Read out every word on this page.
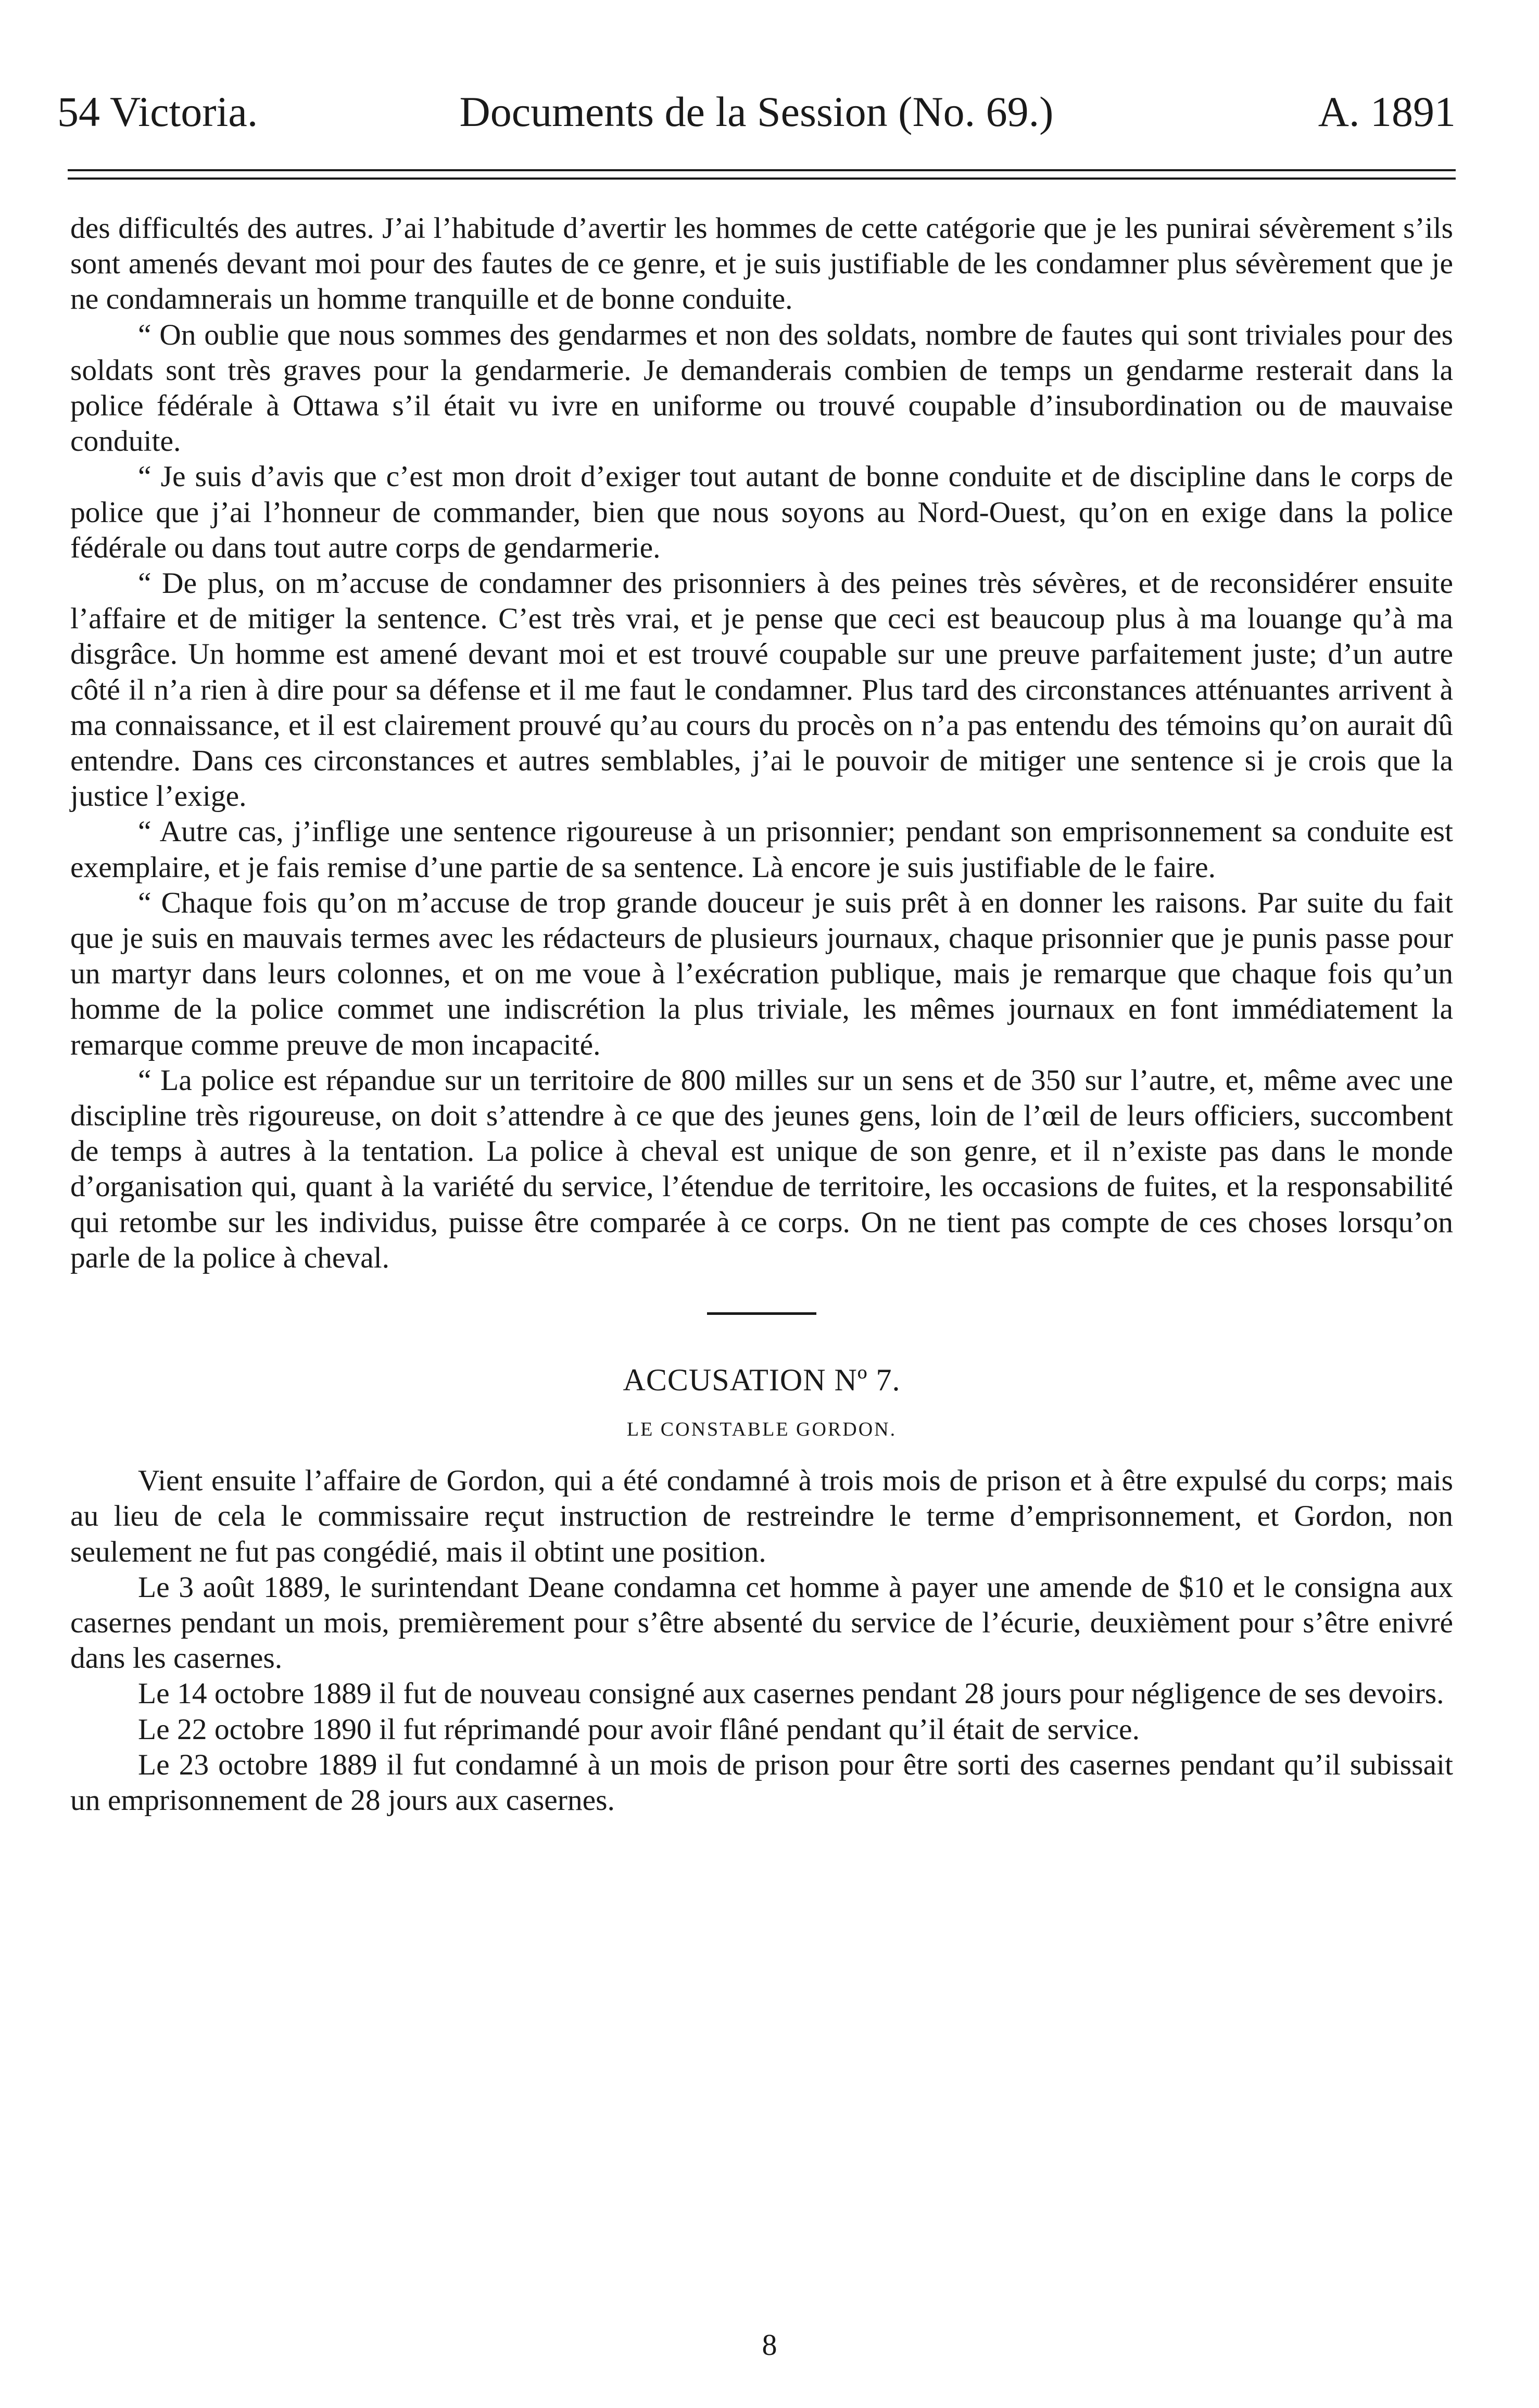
54 Victoria.	Documents de la Session (No. 69.)	A. 1891

des difficultés des autres. J’ai l’habitude d’avertir les hommes de cette catégorie que je les punirai sévèrement s’ils sont amenés devant moi pour des fautes de ce genre, et je suis justifiable de les condamner plus sévèrement que je ne condamnerais un homme tranquille et de bonne conduite.

“ On oublie que nous sommes des gendarmes et non des soldats, nombre de fautes qui sont triviales pour des soldats sont très graves pour la gendarmerie. Je demanderais combien de temps un gendarme resterait dans la police fédérale à Ottawa s’il était vu ivre en uniforme ou trouvé coupable d’insubordination ou de mauvaise conduite.

“ Je suis d’avis que c’est mon droit d’exiger tout autant de bonne conduite et de discipline dans le corps de police que j’ai l’honneur de commander, bien que nous soyons au Nord-Ouest, qu’on en exige dans la police fédérale ou dans tout autre corps de gendarmerie.

“ De plus, on m’accuse de condamner des prisonniers à des peines très sévères, et de reconsidérer ensuite l’affaire et de mitiger la sentence. C’est très vrai, et je pense que ceci est beaucoup plus à ma louange qu’à ma disgrâce. Un homme est amené devant moi et est trouvé coupable sur une preuve parfaitement juste; d’un autre côté il n’a rien à dire pour sa défense et il me faut le condamner. Plus tard des circonstances atténuantes arrivent à ma connaissance, et il est clairement prouvé qu’au cours du procès on n’a pas entendu des témoins qu’on aurait dû entendre. Dans ces circonstances et autres semblables, j’ai le pouvoir de mitiger une sentence si je crois que la justice l’exige.

“ Autre cas, j’inflige une sentence rigoureuse à un prisonnier; pendant son emprisonnement sa conduite est exemplaire, et je fais remise d’une partie de sa sentence. Là encore je suis justifiable de le faire.

“ Chaque fois qu’on m’accuse de trop grande douceur je suis prêt à en donner les raisons. Par suite du fait que je suis en mauvais termes avec les rédacteurs de plusieurs journaux, chaque prisonnier que je punis passe pour un martyr dans leurs colonnes, et on me voue à l’exécration publique, mais je remarque que chaque fois qu’un homme de la police commet une indiscrétion la plus triviale, les mêmes journaux en font immédiatement la remarque comme preuve de mon incapacité.

“ La police est répandue sur un territoire de 800 milles sur un sens et de 350 sur l’autre, et, même avec une discipline très rigoureuse, on doit s’attendre à ce que des jeunes gens, loin de l’œil de leurs officiers, succombent de temps à autres à la tentation. La police à cheval est unique de son genre, et il n’existe pas dans le monde d’organisation qui, quant à la variété du service, l’étendue de territoire, les occasions de fuites, et la responsabilité qui retombe sur les individus, puisse être comparée à ce corps. On ne tient pas compte de ces choses lorsqu’on parle de la police à cheval.

ACCUSATION Nº 7.
LE CONSTABLE GORDON.

Vient ensuite l’affaire de Gordon, qui a été condamné à trois mois de prison et à être expulsé du corps; mais au lieu de cela le commissaire reçut instruction de restreindre le terme d’emprisonnement, et Gordon, non seulement ne fut pas congédié, mais il obtint une position.

Le 3 août 1889, le surintendant Deane condamna cet homme à payer une amende de $10 et le consigna aux casernes pendant un mois, premièrement pour s’être absenté du service de l’écurie, deuxièment pour s’être enivré dans les casernes.

Le 14 octobre 1889 il fut de nouveau consigné aux casernes pendant 28 jours pour négligence de ses devoirs.

Le 22 octobre 1890 il fut réprimandé pour avoir flâné pendant qu’il était de service.

Le 23 octobre 1889 il fut condamné à un mois de prison pour être sorti des casernes pendant qu’il subissait un emprisonnement de 28 jours aux casernes.

8
